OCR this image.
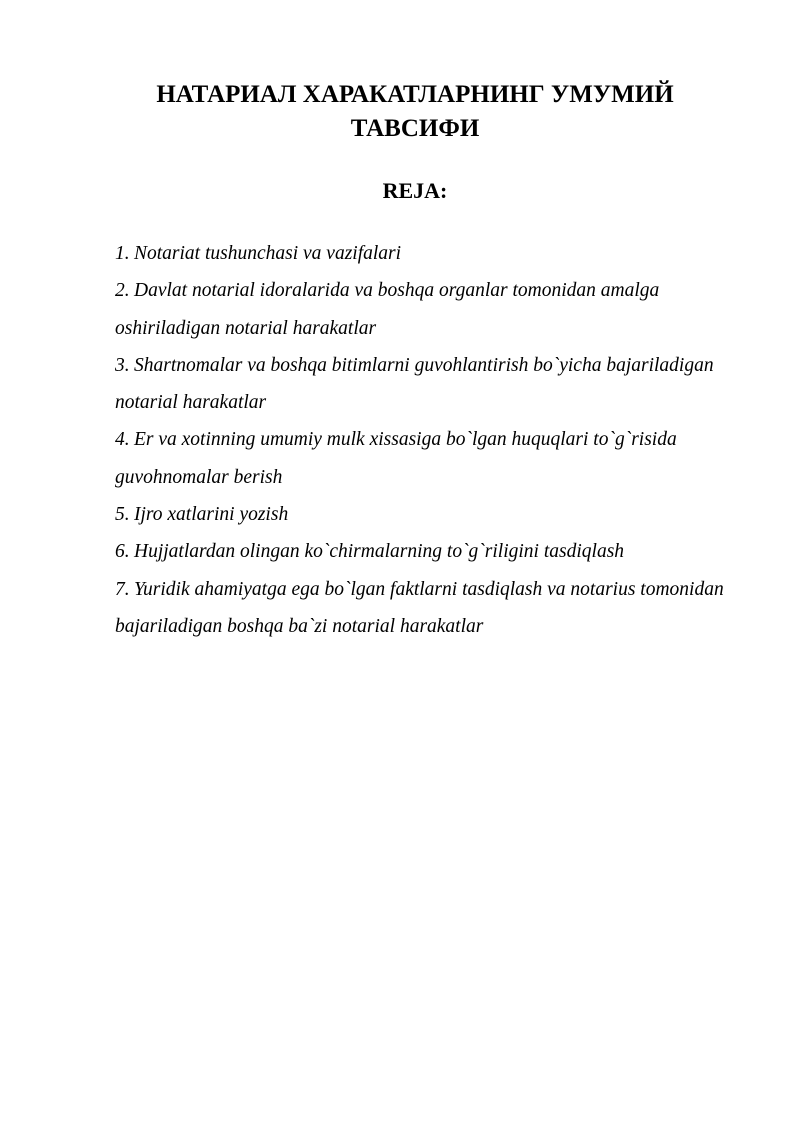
НАТАРИАЛ ХАРАКАТЛАРНИНГ УМУМИЙ ТАВСИФИ
REJA:
1. Notariat tushunchasi va vazifalari
2. Davlat notarial idoralarida va boshqa organlar tomonidan amalga oshiriladigan notarial harakatlar
3. Shartnomalar va boshqa bitimlarni guvohlantirish bo`yicha bajariladigan notarial harakatlar
4. Er va xotinning umumiy mulk xissasiga bo`lgan huquqlari to`g`risida guvohnomalar berish
5. Ijro xatlarini yozish
6. Hujjatlardan olingan ko`chirmalarning to`g`riligini tasdiqlash
7. Yuridik ahamiyatga ega bo`lgan faktlarni tasdiqlash va notarius tomonidan bajariladigan boshqa ba`zi notarial harakatlar
